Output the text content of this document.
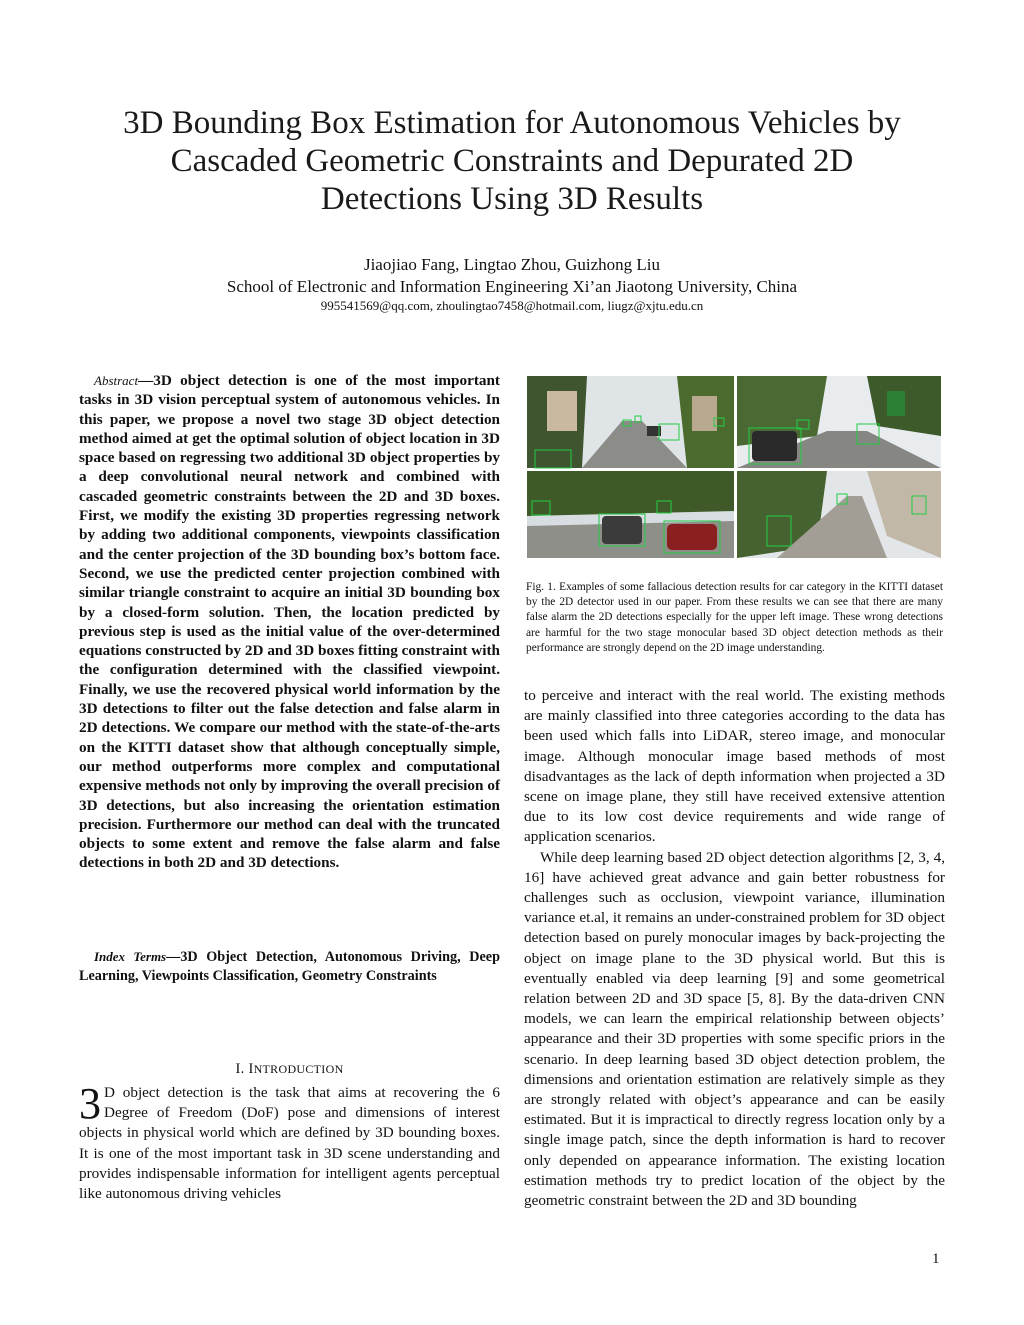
3D Bounding Box Estimation for Autonomous Vehicles by Cascaded Geometric Constraints and Depurated 2D Detections Using 3D Results
Jiaojiao Fang, Lingtao Zhou, Guizhong Liu
School of Electronic and Information Engineering Xi’an Jiaotong University, China
995541569@qq.com, zhoulingtao7458@hotmail.com, liugz@xjtu.edu.cn
Abstract—3D object detection is one of the most important tasks in 3D vision perceptual system of autonomous vehicles. In this paper, we propose a novel two stage 3D object detection method aimed at get the optimal solution of object location in 3D space based on regressing two additional 3D object properties by a deep convolutional neural network and combined with cascaded geometric constraints between the 2D and 3D boxes. First, we modify the existing 3D properties regressing network by adding two additional components, viewpoints classification and the center projection of the 3D bounding box’s bottom face. Second, we use the predicted center projection combined with similar triangle constraint to acquire an initial 3D bounding box by a closed-form solution. Then, the location predicted by previous step is used as the initial value of the over-determined equations constructed by 2D and 3D boxes fitting constraint with the configuration determined with the classified viewpoint. Finally, we use the recovered physical world information by the 3D detections to filter out the false detection and false alarm in 2D detections. We compare our method with the state-of-the-arts on the KITTI dataset show that although conceptually simple, our method outperforms more complex and computational expensive methods not only by improving the overall precision of 3D detections, but also increasing the orientation estimation precision. Furthermore our method can deal with the truncated objects to some extent and remove the false alarm and false detections in both 2D and 3D detections.
Index Terms—3D Object Detection, Autonomous Driving, Deep Learning, Viewpoints Classification, Geometry Constraints
I. INTRODUCTION
3 D object detection is the task that aims at recovering the 6 Degree of Freedom (DoF) pose and dimensions of interest objects in physical world which are defined by 3D bounding boxes. It is one of the most important task in 3D scene understanding and provides indispensable information for intelligent agents perceptual like autonomous driving vehicles
Fig. 1. Examples of some fallacious detection results for car category in the KITTI dataset by the 2D detector used in our paper. From these results we can see that there are many false alarm the 2D detections especially for the upper left image. These wrong detections are harmful for the two stage monocular based 3D object detection methods as their performance are strongly depend on the 2D image understanding.

to perceive and interact with the real world. The existing methods are mainly classified into three categories according to the data has been used which falls into LiDAR, stereo image, and monocular image. Although monocular image based methods of most disadvantages as the lack of depth information when projected a 3D scene on image plane, they still have received extensive attention due to its low cost device requirements and wide range of application scenarios.

While deep learning based 2D object detection algorithms [2, 3, 4, 16] have achieved great advance and gain better robustness for challenges such as occlusion, viewpoint variance, illumination variance et.al, it remains an under-constrained problem for 3D object detection based on purely monocular images by back-projecting the object on image plane to the 3D physical world. But this is eventually enabled via deep learning [9] and some geometrical relation between 2D and 3D space [5, 8]. By the data-driven CNN models, we can learn the empirical relationship between objects’ appearance and their 3D properties with some specific priors in the scenario. In deep learning based 3D object detection problem, the dimensions and orientation estimation are relatively simple as they are strongly related with object’s appearance and can be easily estimated. But it is impractical to directly regress location only by a single image patch, since the depth information is hard to recover only depended on appearance information. The existing location estimation methods try to predict location of the object by the geometric constraint between the 2D and 3D bounding

1
